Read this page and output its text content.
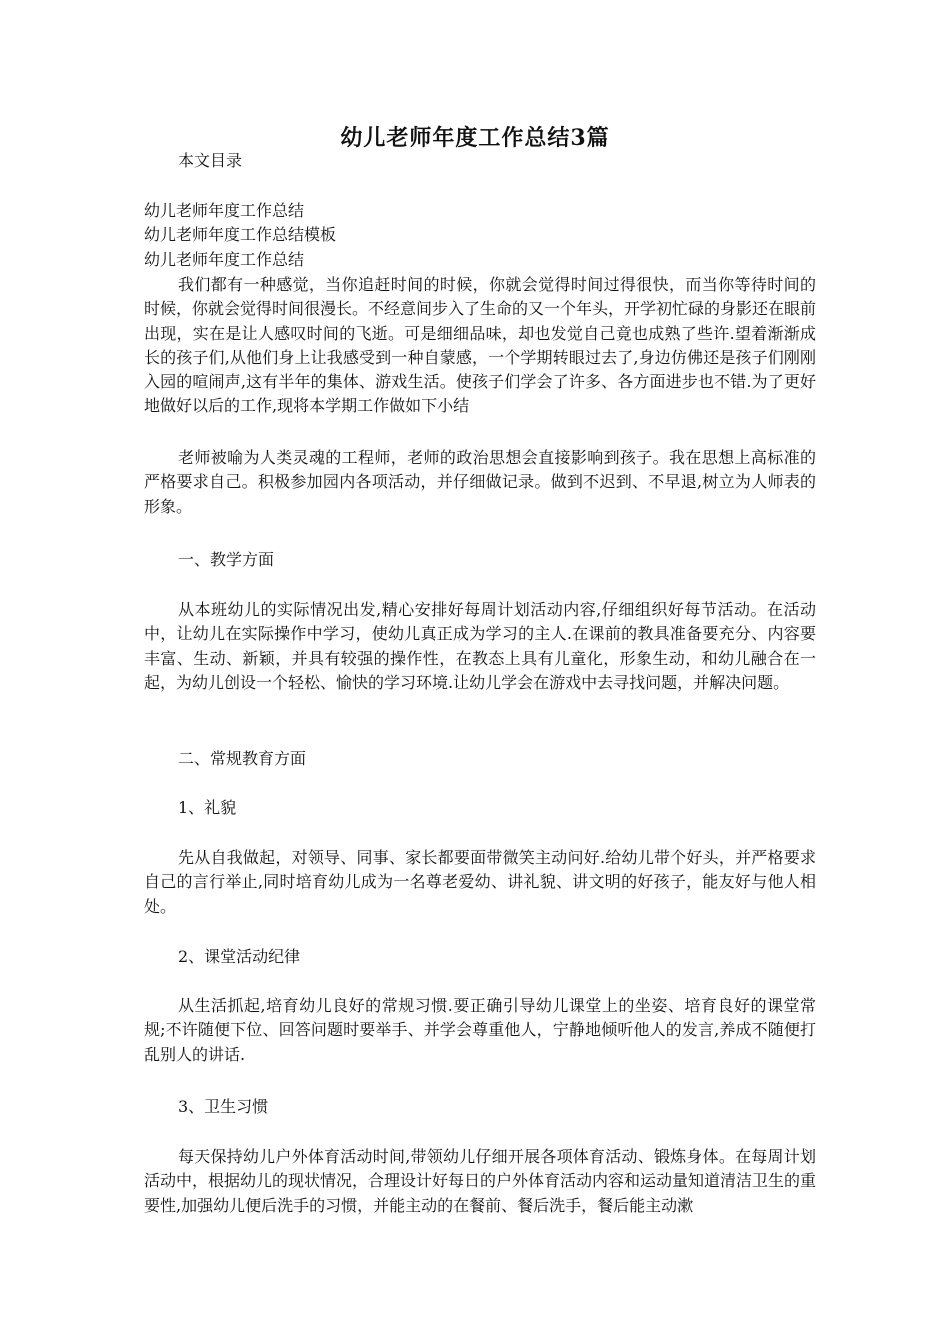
幼儿老师年度工作总结3篇
本文目录
幼儿老师年度工作总结
幼儿老师年度工作总结模板
幼儿老师年度工作总结

我们都有一种感觉，当你追赶时间的时候，你就会觉得时间过得很快，而当你等待时间的时候，你就会觉得时间很漫长。不经意间步入了生命的又一个年头，开学初忙碌的身影还在眼前出现，实在是让人感叹时间的飞逝。可是细细品味，却也发觉自己竟也成熟了些许.望着渐渐成长的孩子们,从他们身上让我感受到一种自蒙感，一个学期转眼过去了,身边仿佛还是孩子们刚刚入园的喧闹声,这有半年的集体、游戏生活。使孩子们学会了许多、各方面进步也不错.为了更好地做好以后的工作,现将本学期工作做如下小结

老师被喻为人类灵魂的工程师，老师的政治思想会直接影响到孩子。我在思想上高标准的严格要求自己。积极参加园内各项活动，并仔细做记录。做到不迟到、不早退,树立为人师表的形象。

一、教学方面

从本班幼儿的实际情况出发,精心安排好每周计划活动内容,仔细组织好每节活动。在活动中，让幼儿在实际操作中学习，使幼儿真正成为学习的主人.在课前的教具准备要充分、内容要丰富、生动、新颖，并具有较强的操作性，在教态上具有儿童化，形象生动，和幼儿融合在一起，为幼儿创设一个轻松、愉快的学习环境.让幼儿学会在游戏中去寻找问题，并解决问题。

二、常规教育方面
1、礼貌

先从自我做起，对领导、同事、家长都要面带微笑主动问好.给幼儿带个好头，并严格要求自己的言行举止,同时培育幼儿成为一名尊老爱幼、讲礼貌、讲文明的好孩子，能友好与他人相处。

2、课堂活动纪律

从生活抓起,培育幼儿良好的常规习惯.要正确引导幼儿课堂上的坐姿、培育良好的课堂常规;不许随便下位、回答问题时要举手、并学会尊重他人，宁静地倾听他人的发言,养成不随便打乱别人的讲话.

3、卫生习惯

每天保持幼儿户外体育活动时间,带领幼儿仔细开展各项体育活动、锻炼身体。在每周计划活动中，根据幼儿的现状情况，合理设计好每日的户外体育活动内容和运动量知道清洁卫生的重要性,加强幼儿便后洗手的习惯，并能主动的在餐前、餐后洗手，餐后能主动漱
